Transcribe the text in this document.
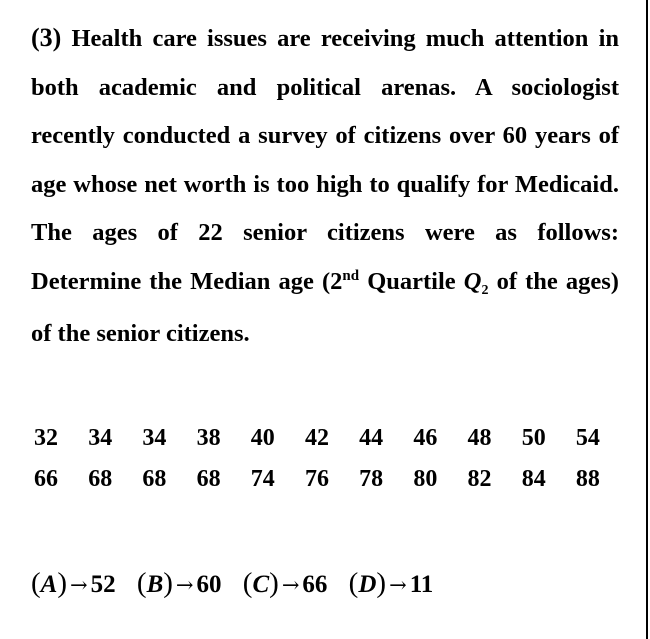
(3) Health care issues are receiving much attention in both academic and political arenas. A sociologist recently conducted a survey of citizens over 60 years of age whose net worth is too high to qualify for Medicaid. The ages of 22 senior citizens were as follows: Determine the Median age (2nd Quartile $Q_2$ of the ages) of the senior citizens.
32	34	34	38	40	42	44	46	48	50	54
66	68	68	68	74	76	78	80	82	84	88
(A) → 52 (B) → 60 (C) → 66 (D) → 11
